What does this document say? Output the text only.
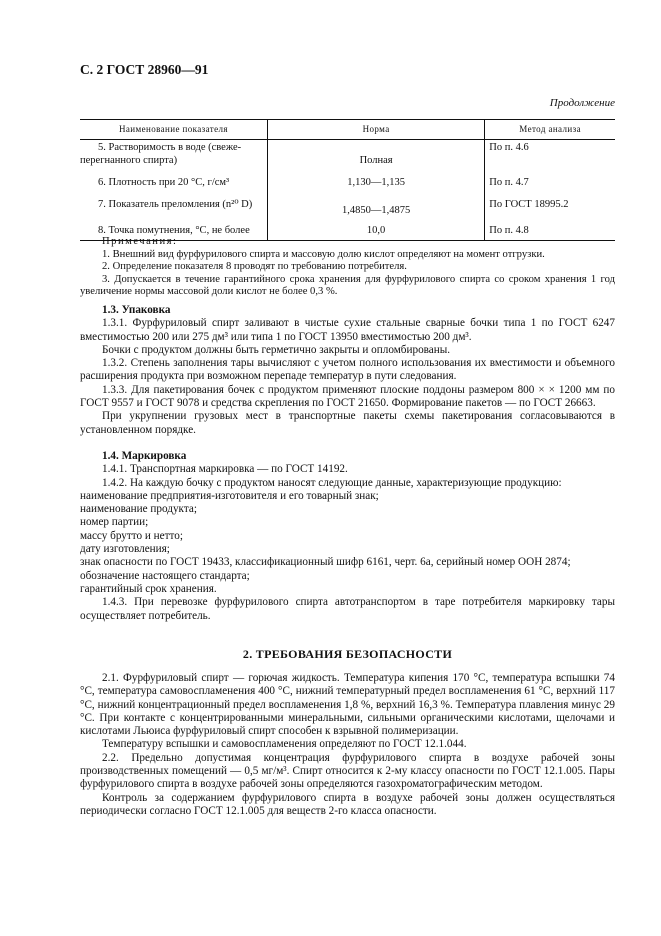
С. 2 ГОСТ 28960—91
Продолжение
Наименование показателя	Норма	Метод анализа

5. Растворимость в воде (свеже-
перегнанного спирта)	Полная	По п. 4.6
6. Плотность при 20 °С, г/см³	1,130—1,135	По п. 4.7
7. Показатель преломления (n²⁰ D)	1,4850—1,4875	По ГОСТ 18995.2
8. Точка помутнения, °С, не более	10,0	По п. 4.8

Примечания:

1. Внешний вид фурфурилового спирта и массовую долю кислот определяют на момент отгрузки.

2. Определение показателя 8 проводят по требованию потребителя.

3. Допускается в течение гарантийного срока хранения для фурфурилового спирта со сроком хранения 1 год увеличение нормы массовой доли кислот не более 0,3 %.

1.3. Упаковка

1.3.1. Фурфуриловый спирт заливают в чистые сухие стальные сварные бочки типа 1 по ГОСТ 6247 вместимостью 200 или 275 дм³ или типа 1 по ГОСТ 13950 вместимостью 200 дм³.

Бочки с продуктом должны быть герметично закрыты и опломбированы.

1.3.2. Степень заполнения тары вычисляют с учетом полного использования их вместимости и объемного расширения продукта при возможном перепаде температур в пути следования.

1.3.3. Для пакетирования бочек с продуктом применяют плоские поддоны размером 800 × × 1200 мм по ГОСТ 9557 и ГОСТ 9078 и средства скрепления по ГОСТ 21650. Формирование пакетов — по ГОСТ 26663.

При укрупнении грузовых мест в транспортные пакеты схемы пакетирования согласовываются в установленном порядке.

1.4. Маркировка

1.4.1. Транспортная маркировка — по ГОСТ 14192.

1.4.2. На каждую бочку с продуктом наносят следующие данные, характеризующие продукцию:

наименование предприятия-изготовителя и его товарный знак;

наименование продукта;

номер партии;

массу брутто и нетто;

дату изготовления;

знак опасности по ГОСТ 19433, классификационный шифр 6161, черт. 6а, серийный номер ООН 2874;

обозначение настоящего стандарта;

гарантийный срок хранения.

1.4.3. При перевозке фурфурилового спирта автотранспортом в таре потребителя маркировку тары осуществляет потребитель.

2. ТРЕБОВАНИЯ БЕЗОПАСНОСТИ

2.1. Фурфуриловый спирт — горючая жидкость. Температура кипения 170 °С, температура вспышки 74 °С, температура самовоспламенения 400 °С, нижний температурный предел воспламенения 61 °С, верхний 117 °С, нижний концентрационный предел воспламенения 1,8 %, верхний 16,3 %. Температура плавления минус 29 °С. При контакте с концентрированными минеральными, сильными органическими кислотами, щелочами и кислотами Льюиса фурфуриловый спирт способен к взрывной полимеризации.

Температуру вспышки и самовоспламенения определяют по ГОСТ 12.1.044.

2.2. Предельно допустимая концентрация фурфурилового спирта в воздухе рабочей зоны производственных помещений — 0,5 мг/м³. Спирт относится к 2-му классу опасности по ГОСТ 12.1.005. Пары фурфурилового спирта в воздухе рабочей зоны определяются газохроматографическим методом.

Контроль за содержанием фурфурилового спирта в воздухе рабочей зоны должен осуществляться периодически согласно ГОСТ 12.1.005 для веществ 2-го класса опасности.
